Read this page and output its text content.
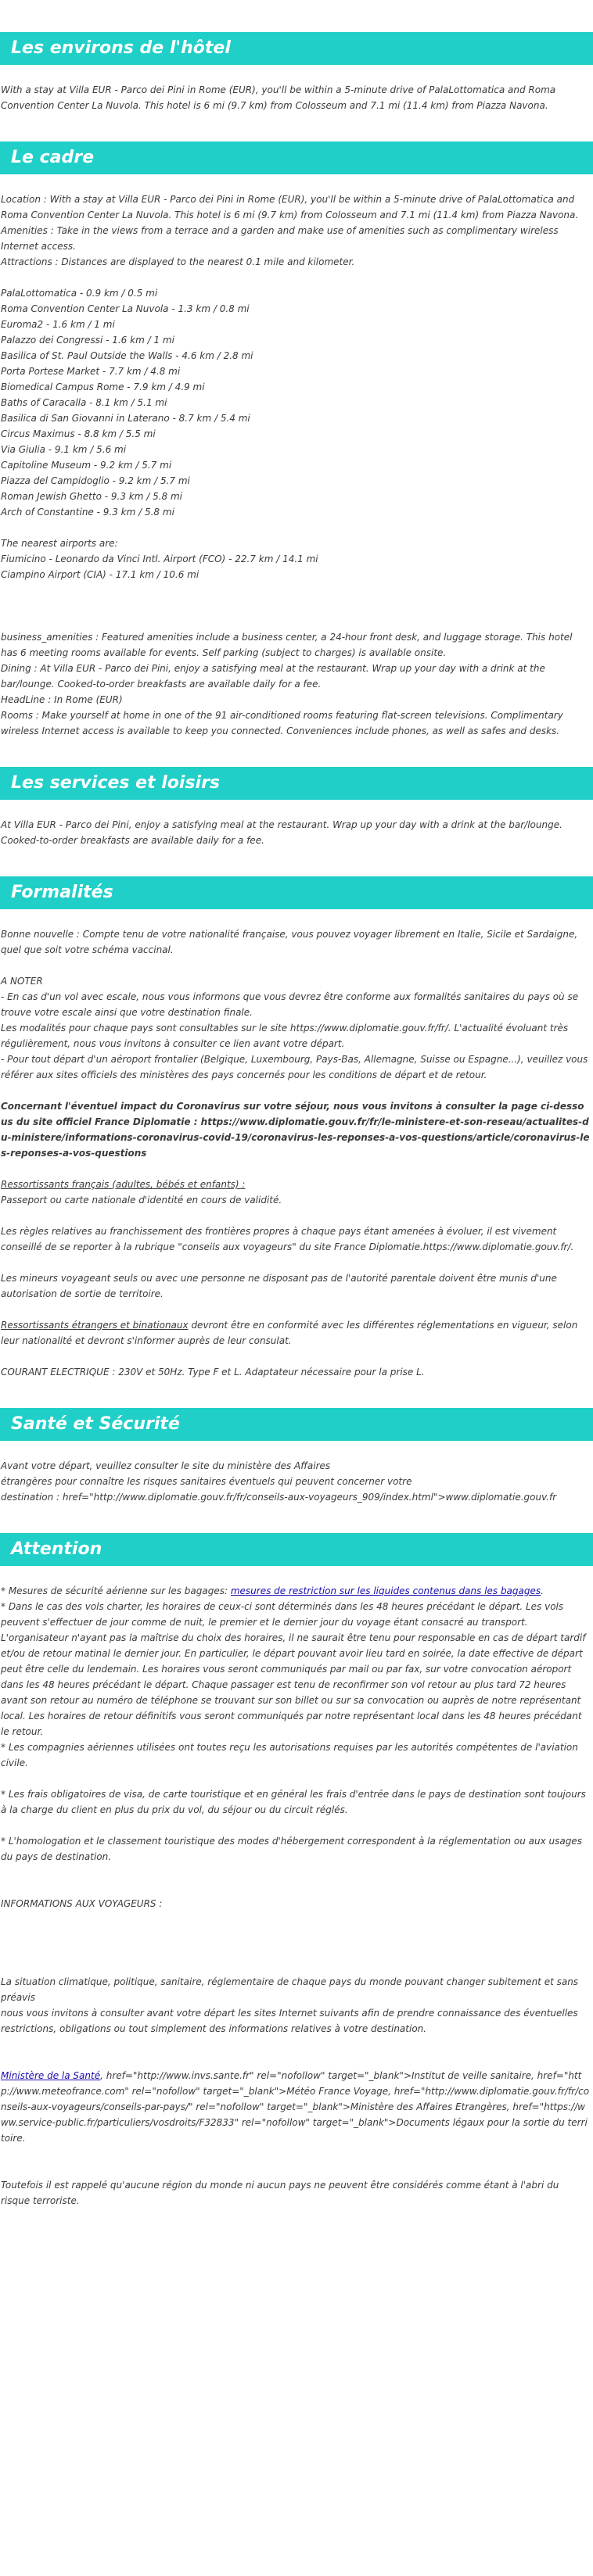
Les environs de l'hôtel

With a stay at Villa EUR - Parco dei Pini in Rome (EUR), you'll be within a 5-minute drive of PalaLottomatica and Roma Convention Center La Nuvola. This hotel is 6 mi (9.7 km) from Colosseum and 7.1 mi (11.4 km) from Piazza Navona.

Le cadre

Location : With a stay at Villa EUR - Parco dei Pini in Rome (EUR), you'll be within a 5-minute drive of PalaLottomatica and Roma Convention Center La Nuvola. This hotel is 6 mi (9.7 km) from Colosseum and 7.1 mi (11.4 km) from Piazza Navona.

Amenities : Take in the views from a terrace and a garden and make use of amenities such as complimentary wireless Internet access.

Attractions : Distances are displayed to the nearest 0.1 mile and kilometer.

PalaLottomatica - 0.9 km / 0.5 mi

Roma Convention Center La Nuvola - 1.3 km / 0.8 mi

Euroma2 - 1.6 km / 1 mi

Palazzo dei Congressi - 1.6 km / 1 mi

Basilica of St. Paul Outside the Walls - 4.6 km / 2.8 mi

Porta Portese Market - 7.7 km / 4.8 mi

Biomedical Campus Rome - 7.9 km / 4.9 mi

Baths of Caracalla - 8.1 km / 5.1 mi

Basilica di San Giovanni in Laterano - 8.7 km / 5.4 mi

Circus Maximus - 8.8 km / 5.5 mi

Via Giulia - 9.1 km / 5.6 mi

Capitoline Museum - 9.2 km / 5.7 mi

Piazza del Campidoglio - 9.2 km / 5.7 mi

Roman Jewish Ghetto - 9.3 km / 5.8 mi

Arch of Constantine - 9.3 km / 5.8 mi

The nearest airports are:

Fiumicino - Leonardo da Vinci Intl. Airport (FCO) - 22.7 km / 14.1 mi

Ciampino Airport (CIA) - 17.1 km / 10.6 mi

business_amenities : Featured amenities include a business center, a 24-hour front desk, and luggage storage. This hotel has 6 meeting rooms available for events. Self parking (subject to charges) is available onsite.

Dining : At Villa EUR - Parco dei Pini, enjoy a satisfying meal at the restaurant. Wrap up your day with a drink at the bar/lounge. Cooked-to-order breakfasts are available daily for a fee.

HeadLine : In Rome (EUR)

Rooms : Make yourself at home in one of the 91 air-conditioned rooms featuring flat-screen televisions. Complimentary wireless Internet access is available to keep you connected. Conveniences include phones, as well as safes and desks.

Les services et loisirs

At Villa EUR - Parco dei Pini, enjoy a satisfying meal at the restaurant. Wrap up your day with a drink at the bar/lounge. Cooked-to-order breakfasts are available daily for a fee.

Formalités

Bonne nouvelle : Compte tenu de votre nationalité française, vous pouvez voyager librement en Italie, Sicile et Sardaigne, quel que soit votre schéma vaccinal.

A NOTER

- En cas d'un vol avec escale, nous vous informons que vous devrez être conforme aux formalités sanitaires du pays où se trouve votre escale ainsi que votre destination finale.

Les modalités pour chaque pays sont consultables sur le site https://www.diplomatie.gouv.fr/fr/. L'actualité évoluant très régulièrement, nous vous invitons à consulter ce lien avant votre départ.

- Pour tout départ d'un aéroport frontalier (Belgique, Luxembourg, Pays-Bas, Allemagne, Suisse ou Espagne...), veuillez vous référer aux sites officiels des ministères des pays concernés pour les conditions de départ et de retour.

Concernant l'éventuel impact du Coronavirus sur votre séjour, nous vous invitons à consulter la page ci-dessous du site officiel France Diplomatie : https://www.diplomatie.gouv.fr/fr/le-ministere-et-son-reseau/actualites-du-ministere/informations-coronavirus-covid-19/coronavirus-les-reponses-a-vos-questions/article/coronavirus-les-reponses-a-vos-questions

Ressortissants français (adultes, bébés et enfants) :

Passeport ou carte nationale d'identité en cours de validité.

Les règles relatives au franchissement des frontières propres à chaque pays étant amenées à évoluer, il est vivement conseillé de se reporter à la rubrique "conseils aux voyageurs" du site France Diplomatie.https://www.diplomatie.gouv.fr/.

Les mineurs voyageant seuls ou avec une personne ne disposant pas de l'autorité parentale doivent être munis d'une autorisation de sortie de territoire.

Ressortissants étrangers et binationaux devront être en conformité avec les différentes réglementations en vigueur, selon leur nationalité et devront s'informer auprès de leur consulat.

COURANT ELECTRIQUE : 230V et 50Hz. Type F et L. Adaptateur nécessaire pour la prise L.

Santé et Sécurité

Avant votre départ, veuillez consulter le site du ministère des Affaires

étrangères pour connaître les risques sanitaires éventuels qui peuvent concerner votre

destination : href="http://www.diplomatie.gouv.fr/fr/conseils-aux-voyageurs_909/index.html">www.diplomatie.gouv.fr

Attention

* Mesures de sécurité aérienne sur les bagages: mesures de restriction sur les liquides contenus dans les bagages.

* Dans le cas des vols charter, les horaires de ceux-ci sont déterminés dans les 48 heures précédant le départ. Les vols peuvent s'effectuer de jour comme de nuit, le premier et le dernier jour du voyage étant consacré au transport. L'organisateur n'ayant pas la maîtrise du choix des horaires, il ne saurait être tenu pour responsable en cas de départ tardif et/ou de retour matinal le dernier jour. En particulier, le départ pouvant avoir lieu tard en soirée, la date effective de départ peut être celle du lendemain. Les horaires vous seront communiqués par mail ou par fax, sur votre convocation aéroport dans les 48 heures précédant le départ. Chaque passager est tenu de reconfirmer son vol retour au plus tard 72 heures avant son retour au numéro de téléphone se trouvant sur son billet ou sur sa convocation ou auprès de notre représentant local. Les horaires de retour définitifs vous seront communiqués par notre représentant local dans les 48 heures précédant le retour.

* Les compagnies aériennes utilisées ont toutes reçu les autorisations requises par les autorités compétentes de l'aviation civile.

* Les frais obligatoires de visa, de carte touristique et en général les frais d'entrée dans le pays de destination sont toujours à la charge du client en plus du prix du vol, du séjour ou du circuit réglés.

* L'homologation et le classement touristique des modes d'hébergement correspondent à la réglementation ou aux usages du pays de destination.

INFORMATIONS AUX VOYAGEURS :

La situation climatique, politique, sanitaire, réglementaire de chaque pays du monde pouvant changer subitement et sans préavis

nous vous invitons à consulter avant votre départ les sites Internet suivants afin de prendre connaissance des éventuelles restrictions, obligations ou tout simplement des informations relatives à votre destination.

Ministère de la Santé, href="http://www.invs.sante.fr" rel="nofollow" target="_blank">Institut de veille sanitaire, href="http://www.meteofrance.com" rel="nofollow" target="_blank">Météo France Voyage, href="http://www.diplomatie.gouv.fr/fr/conseils-aux-voyageurs/conseils-par-pays/" rel="nofollow" target="_blank">Ministère des Affaires Etrangères, href="https://www.service-public.fr/particuliers/vosdroits/F32833" rel="nofollow" target="_blank">Documents légaux pour la sortie du territoire.

Toutefois il est rappelé qu'aucune région du monde ni aucun pays ne peuvent être considérés comme étant à l'abri du risque terroriste.
